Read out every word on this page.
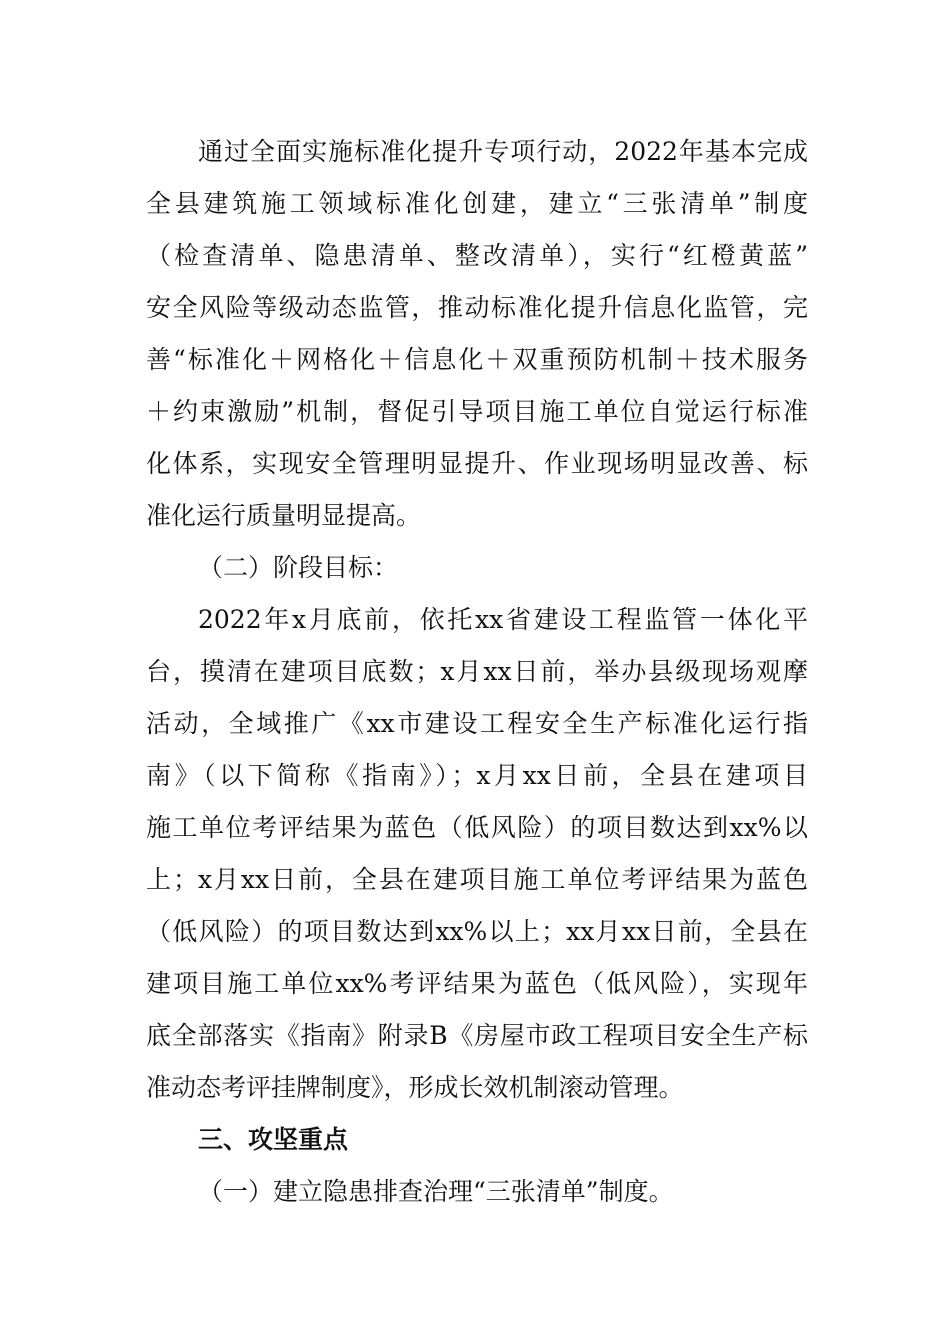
通过全面实施标准化提升专项行动，2022年基本完成
全县建筑施工领域标准化创建，建立“三张清单”制度
（检查清单、隐患清单、整改清单），实行“红橙黄蓝”
安全风险等级动态监管，推动标准化提升信息化监管，完
善“标准化＋网格化＋信息化＋双重预防机制＋技术服务
＋约束激励”机制，督促引导项目施工单位自觉运行标准
化体系，实现安全管理明显提升、作业现场明显改善、标
准化运行质量明显提高。
（二）阶段目标：
2022年x月底前，依托xx省建设工程监管一体化平
台，摸清在建项目底数；x月xx日前，举办县级现场观摩
活动，全域推广《xx市建设工程安全生产标准化运行指
南》（以下简称《指南》）；x月xx日前，全县在建项目
施工单位考评结果为蓝色（低风险）的项目数达到xx%以
上；x月xx日前，全县在建项目施工单位考评结果为蓝色
（低风险）的项目数达到xx%以上；xx月xx日前，全县在
建项目施工单位xx%考评结果为蓝色（低风险），实现年
底全部落实《指南》附录B《房屋市政工程项目安全生产标
准动态考评挂牌制度》，形成长效机制滚动管理。
三、攻坚重点
（一）建立隐患排查治理“三张清单”制度。
